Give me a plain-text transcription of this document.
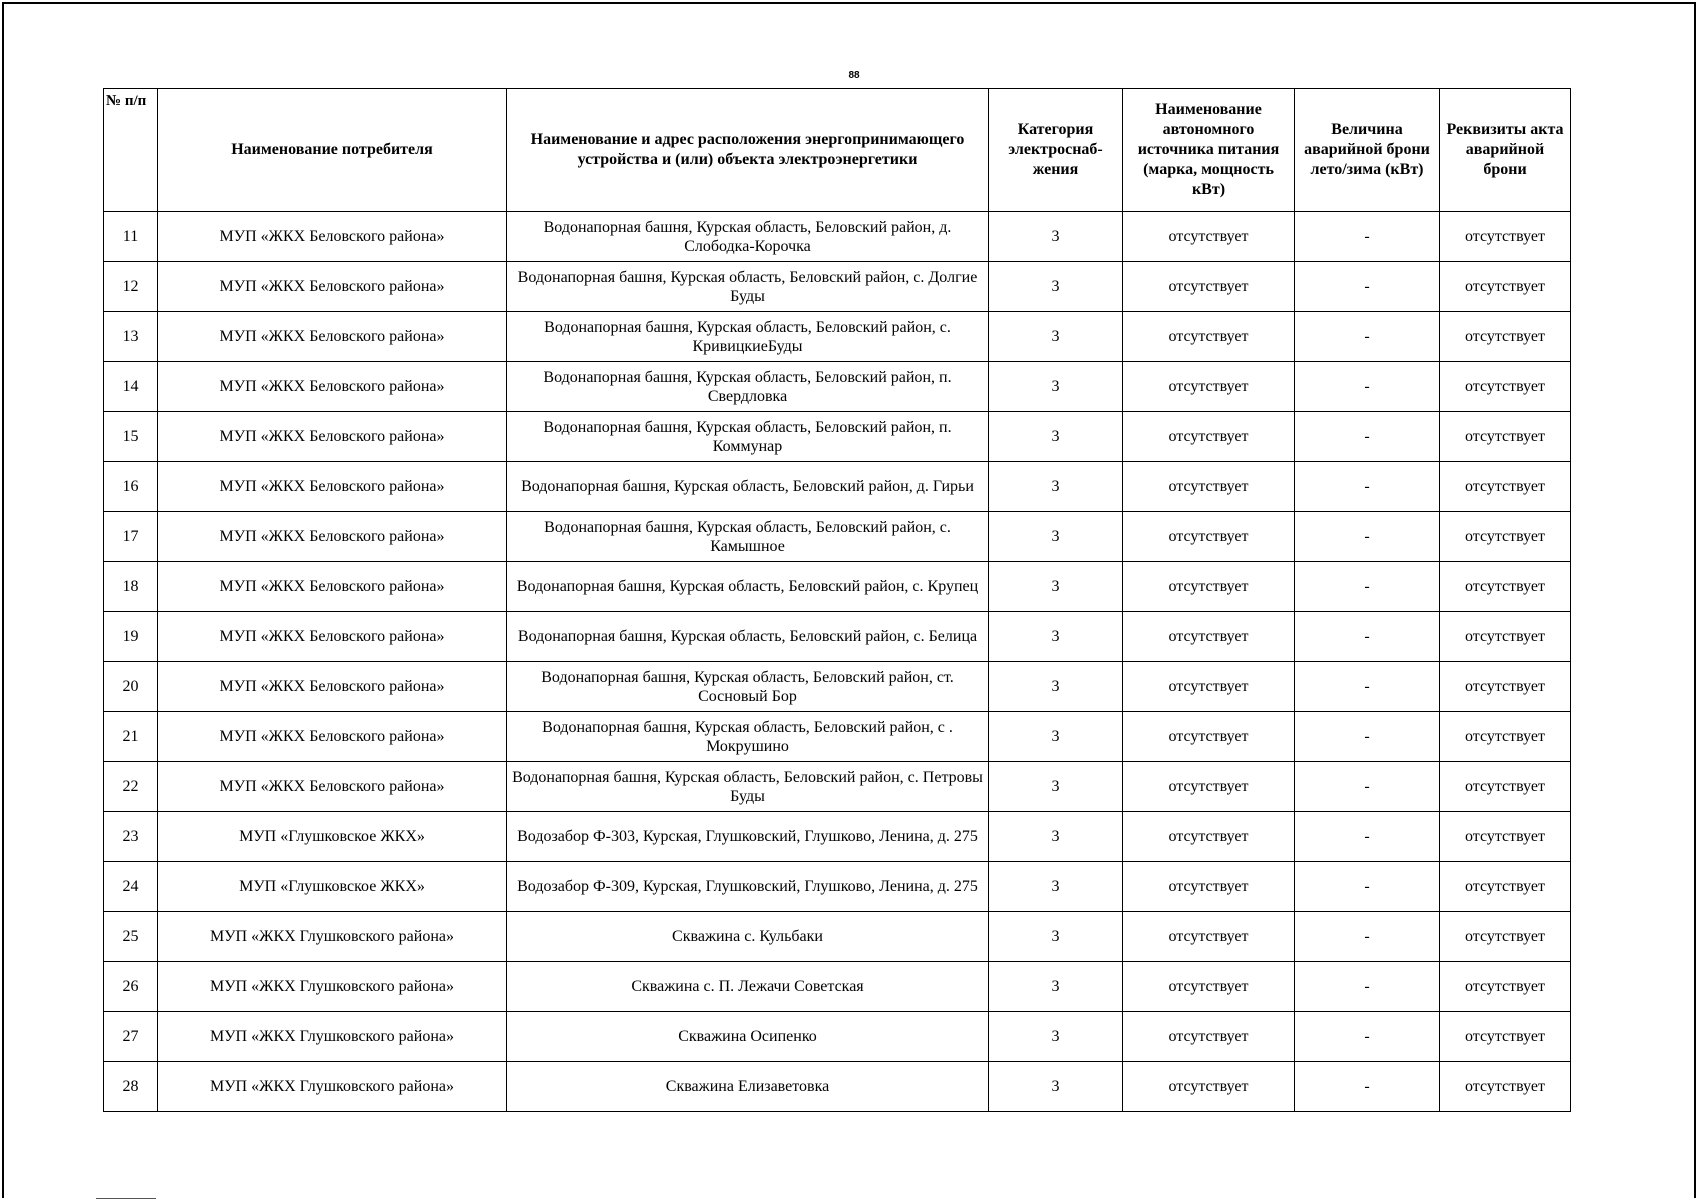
88
№ п/п	Наименование потребителя	Наименование и адрес расположения энергопринимающего устройства и (или) объекта электроэнергетики	Категория электроснаб-жения	Наименование автономного источника питания (марка, мощность кВт)	Величина аварийной брони лето/зима (кВт)	Реквизиты акта аварийной брони
11	МУП «ЖКХ Беловского района»	Водонапорная башня, Курская область, Беловский район, д. Слободка-Корочка	3	отсутствует	-	отсутствует
12	МУП «ЖКХ Беловского района»	Водонапорная башня, Курская область, Беловский район, с. Долгие Буды	3	отсутствует	-	отсутствует
13	МУП «ЖКХ Беловского района»	Водонапорная башня, Курская область, Беловский район, с. КривицкиеБуды	3	отсутствует	-	отсутствует
14	МУП «ЖКХ Беловского района»	Водонапорная башня, Курская область, Беловский район, п. Свердловка	3	отсутствует	-	отсутствует
15	МУП «ЖКХ Беловского района»	Водонапорная башня, Курская область, Беловский район, п. Коммунар	3	отсутствует	-	отсутствует
16	МУП «ЖКХ Беловского района»	Водонапорная башня, Курская область, Беловский район, д. Гирьи	3	отсутствует	-	отсутствует
17	МУП «ЖКХ Беловского района»	Водонапорная башня, Курская область, Беловский район, с. Камышное	3	отсутствует	-	отсутствует
18	МУП «ЖКХ Беловского района»	Водонапорная башня, Курская область, Беловский район, с. Крупец	3	отсутствует	-	отсутствует
19	МУП «ЖКХ Беловского района»	Водонапорная башня, Курская область, Беловский район, с. Белица	3	отсутствует	-	отсутствует
20	МУП «ЖКХ Беловского района»	Водонапорная башня, Курская область, Беловский район, ст. Сосновый Бор	3	отсутствует	-	отсутствует
21	МУП «ЖКХ Беловского района»	Водонапорная башня, Курская область, Беловский район, с . Мокрушино	3	отсутствует	-	отсутствует
22	МУП «ЖКХ Беловского района»	Водонапорная башня, Курская область, Беловский район, с. Петровы Буды	3	отсутствует	-	отсутствует
23	МУП «Глушковское ЖКХ»	Водозабор Ф-303, Курская, Глушковский, Глушково, Ленина, д. 275	3	отсутствует	-	отсутствует
24	МУП «Глушковское ЖКХ»	Водозабор Ф-309, Курская, Глушковский, Глушково, Ленина, д. 275	3	отсутствует	-	отсутствует
25	МУП «ЖКХ Глушковского района»	Скважина с. Кульбаки	3	отсутствует	-	отсутствует
26	МУП «ЖКХ Глушковского района»	Скважина с. П. Лежачи Советская	3	отсутствует	-	отсутствует
27	МУП «ЖКХ Глушковского района»	Скважина Осипенко	3	отсутствует	-	отсутствует
28	МУП «ЖКХ Глушковского района»	Скважина Елизаветовка	3	отсутствует	-	отсутствует
